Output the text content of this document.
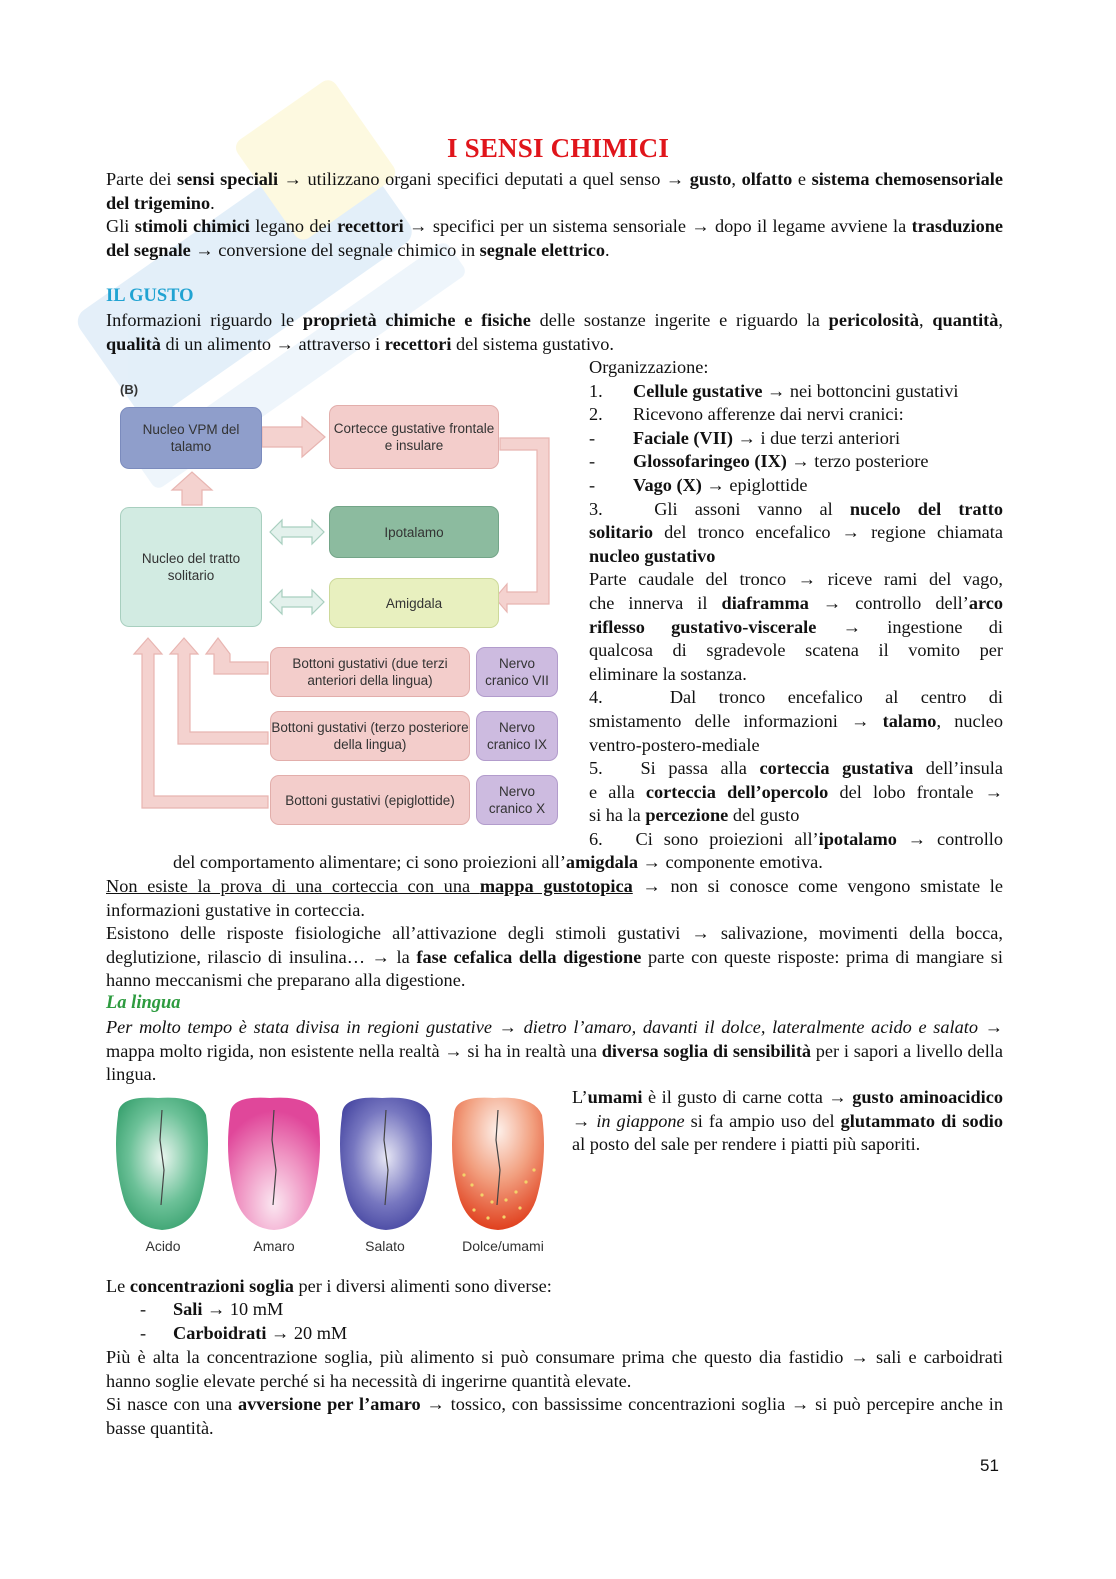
I SENSI CHIMICI
Parte dei sensi speciali → utilizzano organi specifici deputati a quel senso → gusto, olfatto e sistema chemosensoriale del trigemino.
Gli stimoli chimici legano dei recettori → specifici per un sistema sensoriale → dopo il legame avviene la trasduzione del segnale → conversione del segnale chimico in segnale elettrico.
IL GUSTO
Informazioni riguardo le proprietà chimiche e fisiche delle sostanze ingerite e riguardo la pericolosità, quantità, qualità di un alimento → attraverso i recettori del sistema gustativo.
(B)
Nucleo VPM del talamo
Cortecce gustative frontale e insulare
Nucleo del tratto solitario
Ipotalamo
Amigdala
Bottoni gustativi (due terzi anteriori della lingua)
Nervo cranico VII
Bottoni gustativi (terzo posteriore della lingua)
Nervo cranico IX
Bottoni gustativi (epiglottide)
Nervo cranico X
Organizzazione:
1. Cellule gustative → nei bottoncini gustativi
2. Ricevono afferenze dai nervi cranici:
- Faciale (VII) → i due terzi anteriori
- Glossofaringeo (IX) → terzo posteriore
- Vago (X) → epiglottide
3.	Gli assoni vanno al nucelo del tratto
solitario del tronco encefalico → regione chiamata
nucleo gustativo
Parte caudale del tronco → riceve rami del vago,
che innerva il diaframma → controllo dell’arco
riflesso gustativo-viscerale → ingestione di
qualcosa di sgradevole scatena il vomito per
eliminare la sostanza.
4.	Dal tronco encefalico al centro di
smistamento delle informazioni → talamo, nucleo
ventro-postero-mediale
5. Si passa alla corteccia gustativa dell’insula
e alla corteccia dell’opercolo del lobo frontale →
si ha la percezione del gusto
6. Ci sono proiezioni all’ipotalamo → controllo
del comportamento alimentare; ci sono proiezioni all’amigdala → componente emotiva.
Non esiste la prova di una corteccia con una mappa gustotopica → non si conosce come vengono smistate le informazioni gustative in corteccia.
Esistono delle risposte fisiologiche all’attivazione degli stimoli gustativi → salivazione, movimenti della bocca, deglutizione, rilascio di insulina… → la fase cefalica della digestione parte con queste risposte: prima di mangiare si hanno meccanismi che preparano alla digestione.
La lingua
Per molto tempo è stata divisa in regioni gustative → dietro l’amaro, davanti il dolce, lateralmente acido e salato → mappa molto rigida, non esistente nella realtà → si ha in realtà una diversa soglia di sensibilità per i sapori a livello della lingua.
Acido	Amaro	Salato	Dolce/umami
L’umami è il gusto di carne cotta → gusto aminoacidico → in giappone si fa ampio uso del glutammato di sodio al posto del sale per rendere i piatti più saporiti.
Le concentrazioni soglia per i diversi alimenti sono diverse:
- Sali → 10 mM
- Carboidrati → 20 mM
Più è alta la concentrazione soglia, più alimento si può consumare prima che questo dia fastidio → sali e carboidrati hanno soglie elevate perché si ha necessità di ingerirne quantità elevate.
Si nasce con una avversione per l’amaro → tossico, con bassissime concentrazioni soglia → si può percepire anche in basse quantità.
51
